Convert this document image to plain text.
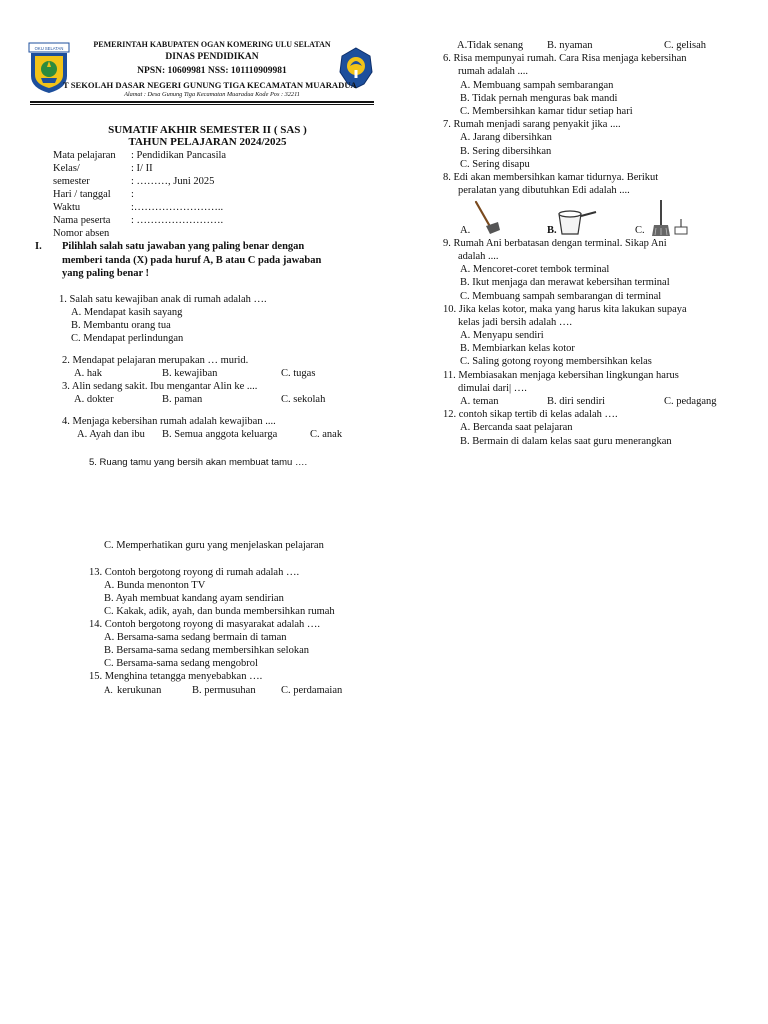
OKU SELATAN	PEMERINTAH KABUPATEN OGAN KOMERING ULU SELATAN
DINAS PENDIDIKAN
NPSN: 10609981 NSS: 101110909981
T SEKOLAH DASAR NEGERI GUNUNG TIGA KECAMATAN MUARADUA
Alamat : Desa Gunung Tiga Kecamatan Muaradua Kode Pos : 32211
SUMATIF AKHIR SEMESTER II ( SAS )
TAHUN PELAJARAN 2024/2025
Mata pelajaran : Pendidikan Pancasila
Kelas/	: I/ II
semester	: ………, Juni 2025
Hari / tanggal :
Waktu	:……………………..
Nama peserta : …………………….
Nomor absen
I. Pilihlah salah satu jawaban yang paling benar dengan
memberi tanda (X) pada huruf A, B atau C pada jawaban
yang paling benar !
1. Salah satu kewajiban anak di rumah adalah ….
A. Mendapat kasih sayang
B. Membantu orang tua
C. Mendapat perlindungan
2. Mendapat pelajaran merupakan … murid.
A. hak	B. kewajiban	C. tugas
3. Alin sedang sakit. Ibu mengantar Alin ke ....
A. dokter	B. paman	C. sekolah
4. Menjaga kebersihan rumah adalah kewajiban ....
A. Ayah dan ibu B. Semua anggota keluarga	C. anak
5. Ruang tamu yang bersih akan membuat tamu ….
A.Tidak senang B. nyaman	C. gelisah
6. Risa mempunyai rumah. Cara Risa menjaga kebersihan
rumah adalah ....
A. Membuang sampah sembarangan
B. Tidak pernah menguras bak mandi
C. Membersihkan kamar tidur setiap hari
7. Rumah menjadi sarang penyakit jika ....
A. Jarang dibersihkan
B. Sering dibersihkan
C. Sering disapu
8. Edi akan membersihkan kamar tidurnya. Berikut
peralatan yang dibutuhkan Edi adalah ....
A.	B.	C.
9. Rumah Ani berbatasan dengan terminal. Sikap Ani
adalah ....
A. Mencoret-coret tembok terminal
B. Ikut menjaga dan merawat kebersihan terminal
C. Membuang sampah sembarangan di terminal
10. Jika kelas kotor, maka yang harus kita lakukan supaya
kelas jadi bersih adalah ….
A. Menyapu sendiri
B. Membiarkan kelas kotor
C. Saling gotong royong membersihkan kelas
11. Membiasakan menjaga kebersihan lingkungan harus
dimulai dari| ….
A. teman	B. diri sendiri	C. pedagang
12. contoh sikap tertib di kelas adalah ….
A. Bercanda saat pelajaran
B. Bermain di dalam kelas saat guru menerangkan
C. Memperhatikan guru yang menjelaskan pelajaran
13. Contoh bergotong royong di rumah adalah ….
A. Bunda menonton TV
B. Ayah membuat kandang ayam sendirian
C. Kakak, adik, ayah, dan bunda membersihkan rumah
14. Contoh bergotong royong di masyarakat adalah ….
A. Bersama-sama sedang bermain di taman
B. Bersama-sama sedang membersihkan selokan
C. Bersama-sama sedang mengobrol
15. Menghina tetangga menyebabkan ….
A. kerukunan	B. permusuhan C. perdamaian
